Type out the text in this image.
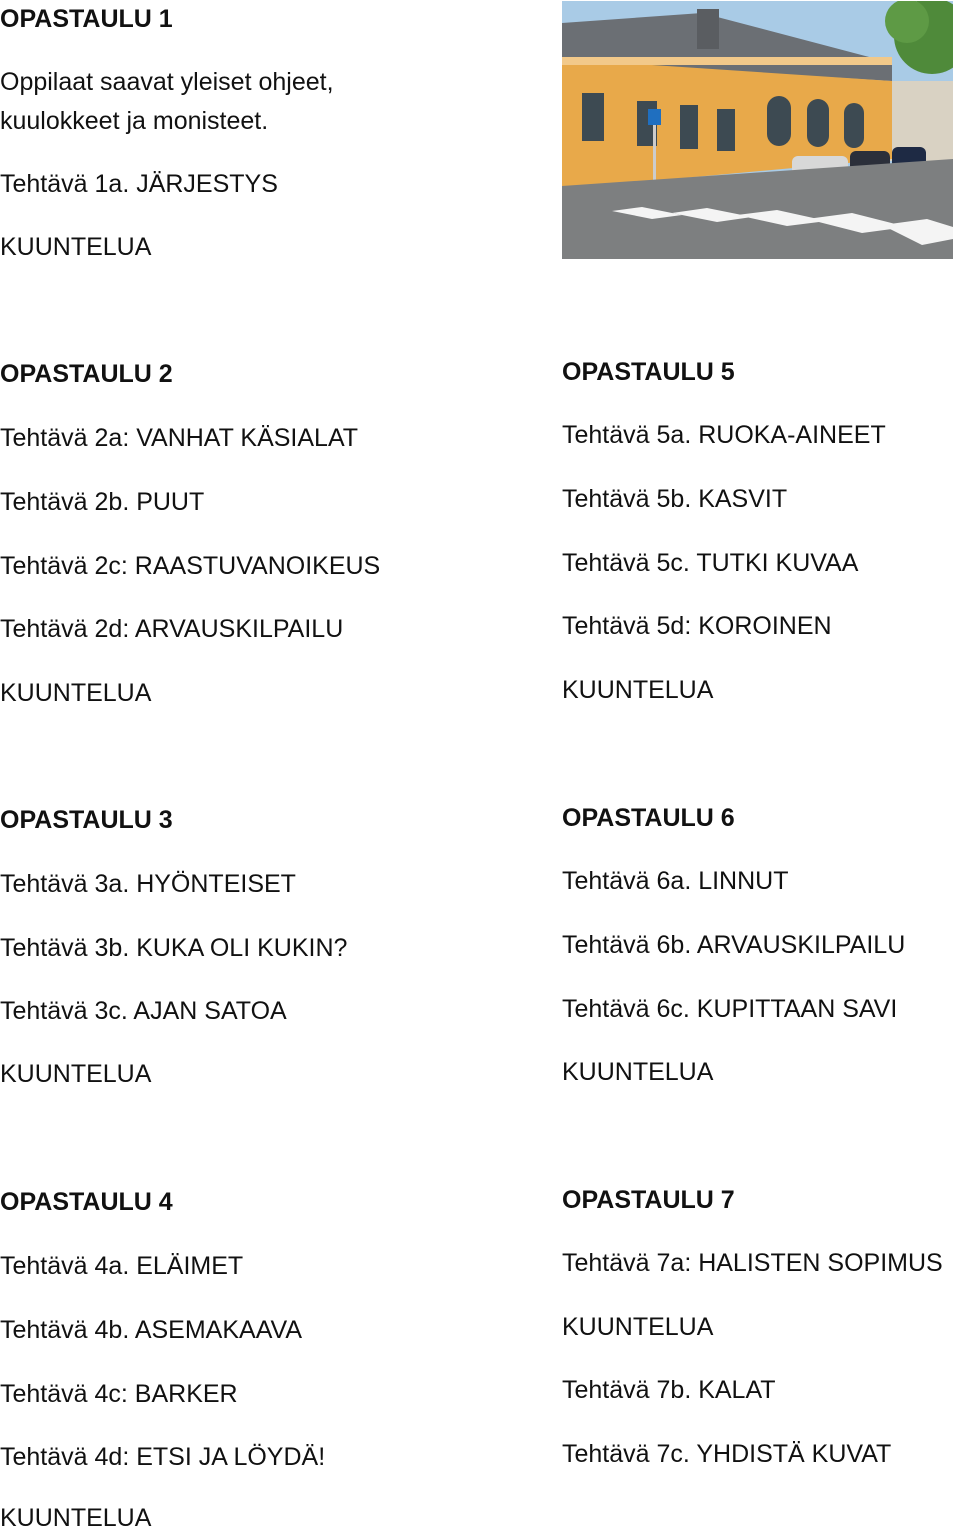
OPASTAULU 1
Oppilaat saavat yleiset ohjeet,
kuulokkeet ja monisteet.
Tehtävä 1a. JÄRJESTYS
KUUNTELUA
OPASTAULU 2
Tehtävä 2a: VANHAT KÄSIALAT
Tehtävä 2b. PUUT
Tehtävä 2c: RAASTUVANOIKEUS
Tehtävä 2d: ARVAUSKILPAILU
KUUNTELUA
OPASTAULU 5
Tehtävä 5a. RUOKA-AINEET
Tehtävä 5b. KASVIT
Tehtävä 5c. TUTKI KUVAA
Tehtävä 5d: KOROINEN
KUUNTELUA
OPASTAULU 3
Tehtävä 3a. HYÖNTEISET
Tehtävä 3b. KUKA OLI KUKIN?
Tehtävä 3c. AJAN SATOA
KUUNTELUA
OPASTAULU 6
Tehtävä 6a. LINNUT
Tehtävä 6b. ARVAUSKILPAILU
Tehtävä 6c. KUPITTAAN SAVI
KUUNTELUA
OPASTAULU 4
Tehtävä 4a. ELÄIMET
Tehtävä 4b. ASEMAKAAVA
Tehtävä 4c: BARKER
Tehtävä 4d: ETSI JA LÖYDÄ!
KUUNTELUA
OPASTAULU 7
Tehtävä 7a: HALISTEN SOPIMUS
KUUNTELUA
Tehtävä 7b. KALAT
Tehtävä 7c. YHDISTÄ KUVAT
